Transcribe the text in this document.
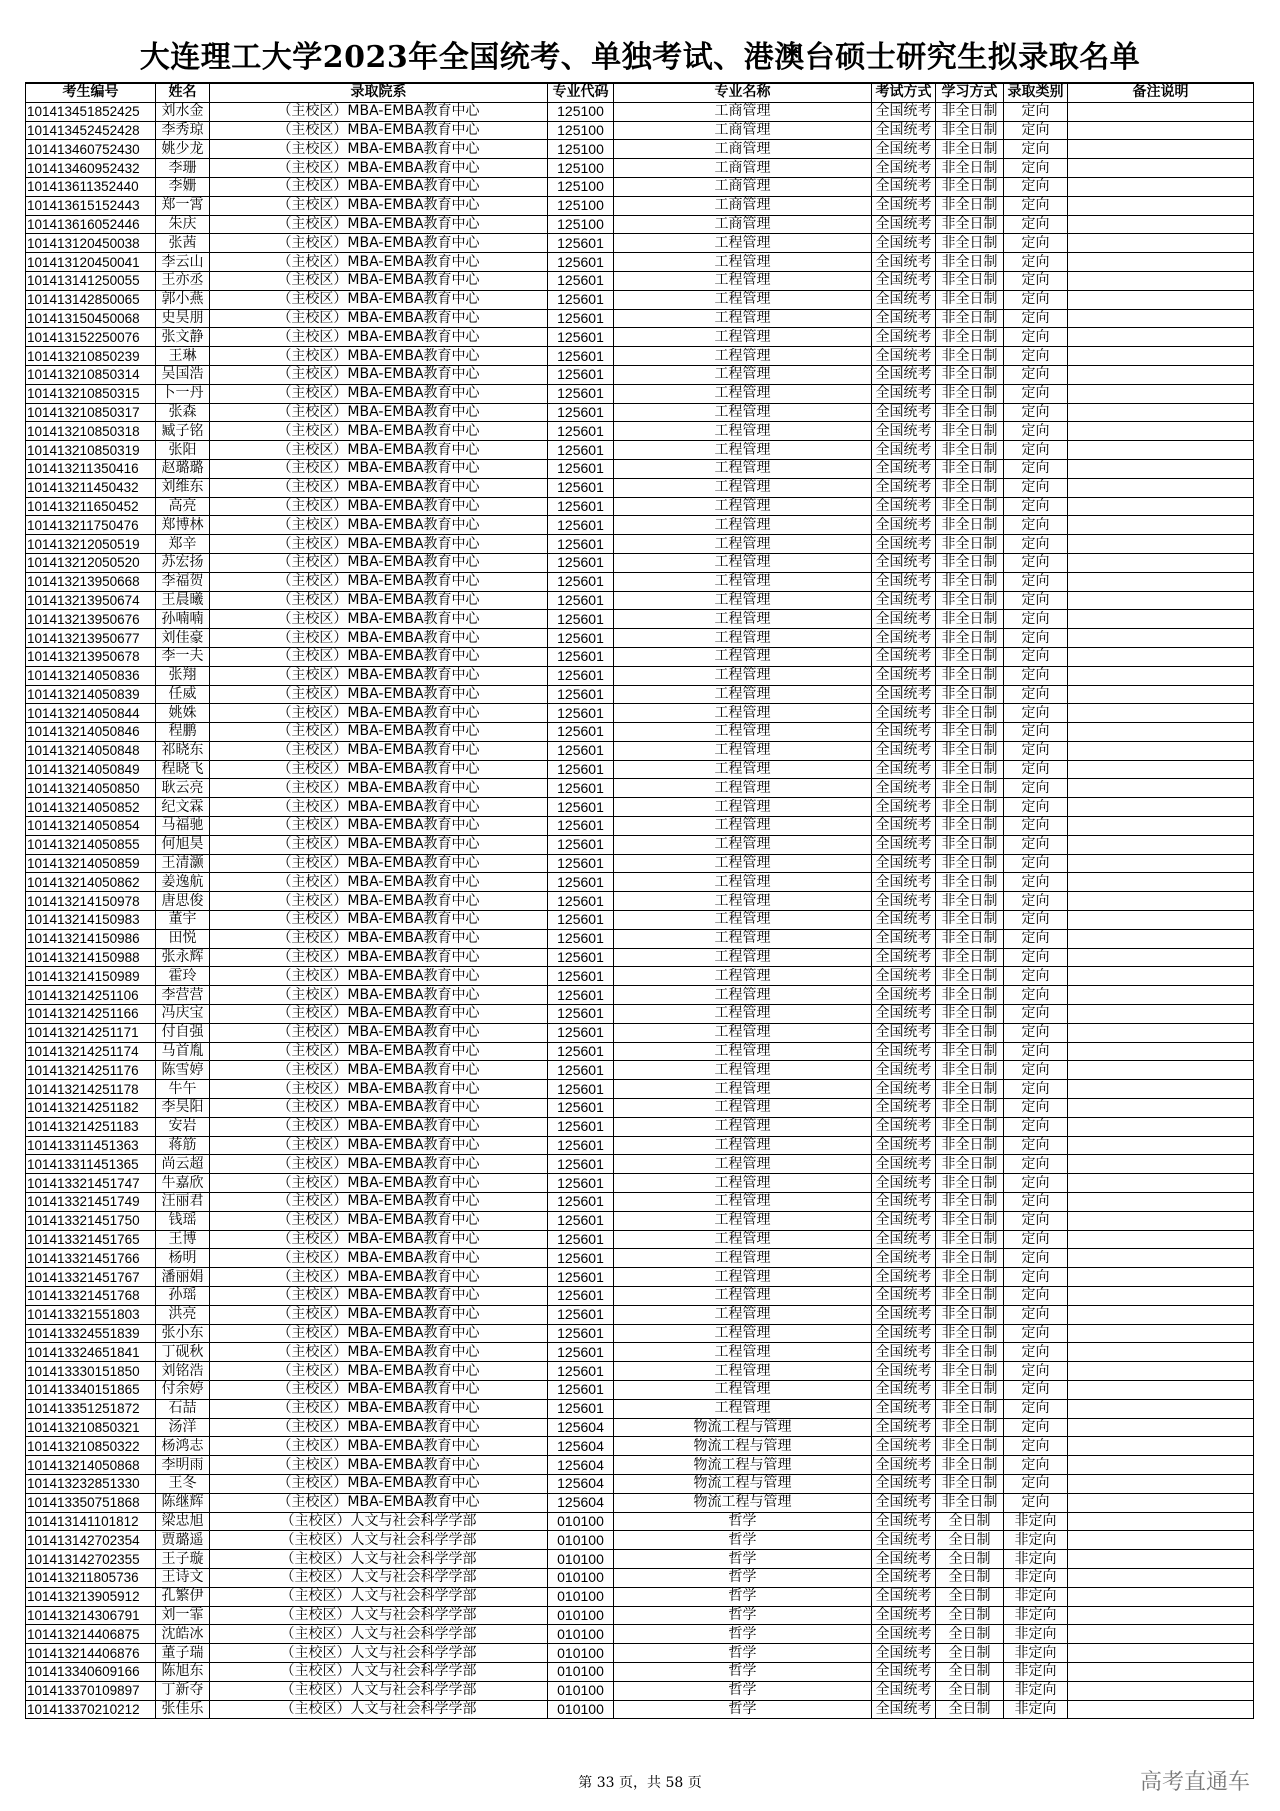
大连理工大学2023年全国统考、单独考试、港澳台硕士研究生拟录取名单
考生编号	姓名	录取院系	专业代码	专业名称	考试方式	学习方式	录取类别	备注说明
101413451852425	刘水金	（主校区）MBA-EMBA教育中心	125100	工商管理	全国统考	非全日制	定向	
101413452452428	李秀琼	（主校区）MBA-EMBA教育中心	125100	工商管理	全国统考	非全日制	定向	
101413460752430	姚少龙	（主校区）MBA-EMBA教育中心	125100	工商管理	全国统考	非全日制	定向	
101413460952432	李珊	（主校区）MBA-EMBA教育中心	125100	工商管理	全国统考	非全日制	定向	
101413611352440	李姗	（主校区）MBA-EMBA教育中心	125100	工商管理	全国统考	非全日制	定向	
101413615152443	郑一霄	（主校区）MBA-EMBA教育中心	125100	工商管理	全国统考	非全日制	定向	
101413616052446	朱庆	（主校区）MBA-EMBA教育中心	125100	工商管理	全国统考	非全日制	定向	
101413120450038	张茜	（主校区）MBA-EMBA教育中心	125601	工程管理	全国统考	非全日制	定向	
101413120450041	李云山	（主校区）MBA-EMBA教育中心	125601	工程管理	全国统考	非全日制	定向	
101413141250055	王亦丞	（主校区）MBA-EMBA教育中心	125601	工程管理	全国统考	非全日制	定向	
101413142850065	郭小燕	（主校区）MBA-EMBA教育中心	125601	工程管理	全国统考	非全日制	定向	
101413150450068	史昊朋	（主校区）MBA-EMBA教育中心	125601	工程管理	全国统考	非全日制	定向	
101413152250076	张文静	（主校区）MBA-EMBA教育中心	125601	工程管理	全国统考	非全日制	定向	
101413210850239	王琳	（主校区）MBA-EMBA教育中心	125601	工程管理	全国统考	非全日制	定向	
101413210850314	吴国浩	（主校区）MBA-EMBA教育中心	125601	工程管理	全国统考	非全日制	定向	
101413210850315	卜一丹	（主校区）MBA-EMBA教育中心	125601	工程管理	全国统考	非全日制	定向	
101413210850317	张森	（主校区）MBA-EMBA教育中心	125601	工程管理	全国统考	非全日制	定向	
101413210850318	臧子铭	（主校区）MBA-EMBA教育中心	125601	工程管理	全国统考	非全日制	定向	
101413210850319	张阳	（主校区）MBA-EMBA教育中心	125601	工程管理	全国统考	非全日制	定向	
101413211350416	赵璐璐	（主校区）MBA-EMBA教育中心	125601	工程管理	全国统考	非全日制	定向	
101413211450432	刘维东	（主校区）MBA-EMBA教育中心	125601	工程管理	全国统考	非全日制	定向	
101413211650452	高亮	（主校区）MBA-EMBA教育中心	125601	工程管理	全国统考	非全日制	定向	
101413211750476	郑博林	（主校区）MBA-EMBA教育中心	125601	工程管理	全国统考	非全日制	定向	
101413212050519	郑辛	（主校区）MBA-EMBA教育中心	125601	工程管理	全国统考	非全日制	定向	
101413212050520	苏宏扬	（主校区）MBA-EMBA教育中心	125601	工程管理	全国统考	非全日制	定向	
101413213950668	李福贺	（主校区）MBA-EMBA教育中心	125601	工程管理	全国统考	非全日制	定向	
101413213950674	王晨曦	（主校区）MBA-EMBA教育中心	125601	工程管理	全国统考	非全日制	定向	
101413213950676	孙喃喃	（主校区）MBA-EMBA教育中心	125601	工程管理	全国统考	非全日制	定向	
101413213950677	刘佳豪	（主校区）MBA-EMBA教育中心	125601	工程管理	全国统考	非全日制	定向	
101413213950678	李一夫	（主校区）MBA-EMBA教育中心	125601	工程管理	全国统考	非全日制	定向	
101413214050836	张翔	（主校区）MBA-EMBA教育中心	125601	工程管理	全国统考	非全日制	定向	
101413214050839	任威	（主校区）MBA-EMBA教育中心	125601	工程管理	全国统考	非全日制	定向	
101413214050844	姚姝	（主校区）MBA-EMBA教育中心	125601	工程管理	全国统考	非全日制	定向	
101413214050846	程鹏	（主校区）MBA-EMBA教育中心	125601	工程管理	全国统考	非全日制	定向	
101413214050848	祁晓东	（主校区）MBA-EMBA教育中心	125601	工程管理	全国统考	非全日制	定向	
101413214050849	程晓飞	（主校区）MBA-EMBA教育中心	125601	工程管理	全国统考	非全日制	定向	
101413214050850	耿云亮	（主校区）MBA-EMBA教育中心	125601	工程管理	全国统考	非全日制	定向	
101413214050852	纪文霖	（主校区）MBA-EMBA教育中心	125601	工程管理	全国统考	非全日制	定向	
101413214050854	马福驰	（主校区）MBA-EMBA教育中心	125601	工程管理	全国统考	非全日制	定向	
101413214050855	何旭昊	（主校区）MBA-EMBA教育中心	125601	工程管理	全国统考	非全日制	定向	
101413214050859	王清灏	（主校区）MBA-EMBA教育中心	125601	工程管理	全国统考	非全日制	定向	
101413214050862	姜逸航	（主校区）MBA-EMBA教育中心	125601	工程管理	全国统考	非全日制	定向	
101413214150978	唐思俊	（主校区）MBA-EMBA教育中心	125601	工程管理	全国统考	非全日制	定向	
101413214150983	董宇	（主校区）MBA-EMBA教育中心	125601	工程管理	全国统考	非全日制	定向	
101413214150986	田悦	（主校区）MBA-EMBA教育中心	125601	工程管理	全国统考	非全日制	定向	
101413214150988	张永辉	（主校区）MBA-EMBA教育中心	125601	工程管理	全国统考	非全日制	定向	
101413214150989	霍玲	（主校区）MBA-EMBA教育中心	125601	工程管理	全国统考	非全日制	定向	
101413214251106	李营营	（主校区）MBA-EMBA教育中心	125601	工程管理	全国统考	非全日制	定向	
101413214251166	冯庆宝	（主校区）MBA-EMBA教育中心	125601	工程管理	全国统考	非全日制	定向	
101413214251171	付自强	（主校区）MBA-EMBA教育中心	125601	工程管理	全国统考	非全日制	定向	
101413214251174	马首胤	（主校区）MBA-EMBA教育中心	125601	工程管理	全国统考	非全日制	定向	
101413214251176	陈雪婷	（主校区）MBA-EMBA教育中心	125601	工程管理	全国统考	非全日制	定向	
101413214251178	牛午	（主校区）MBA-EMBA教育中心	125601	工程管理	全国统考	非全日制	定向	
101413214251182	李昊阳	（主校区）MBA-EMBA教育中心	125601	工程管理	全国统考	非全日制	定向	
101413214251183	安岩	（主校区）MBA-EMBA教育中心	125601	工程管理	全国统考	非全日制	定向	
101413311451363	蒋筋	（主校区）MBA-EMBA教育中心	125601	工程管理	全国统考	非全日制	定向	
101413311451365	尚云超	（主校区）MBA-EMBA教育中心	125601	工程管理	全国统考	非全日制	定向	
101413321451747	牛嘉欣	（主校区）MBA-EMBA教育中心	125601	工程管理	全国统考	非全日制	定向	
101413321451749	汪丽君	（主校区）MBA-EMBA教育中心	125601	工程管理	全国统考	非全日制	定向	
101413321451750	钱瑶	（主校区）MBA-EMBA教育中心	125601	工程管理	全国统考	非全日制	定向	
101413321451765	王博	（主校区）MBA-EMBA教育中心	125601	工程管理	全国统考	非全日制	定向	
101413321451766	杨明	（主校区）MBA-EMBA教育中心	125601	工程管理	全国统考	非全日制	定向	
101413321451767	潘丽娟	（主校区）MBA-EMBA教育中心	125601	工程管理	全国统考	非全日制	定向	
101413321451768	孙瑶	（主校区）MBA-EMBA教育中心	125601	工程管理	全国统考	非全日制	定向	
101413321551803	洪亮	（主校区）MBA-EMBA教育中心	125601	工程管理	全国统考	非全日制	定向	
101413324551839	张小东	（主校区）MBA-EMBA教育中心	125601	工程管理	全国统考	非全日制	定向	
101413324651841	丁砚秋	（主校区）MBA-EMBA教育中心	125601	工程管理	全国统考	非全日制	定向	
101413330151850	刘铭浩	（主校区）MBA-EMBA教育中心	125601	工程管理	全国统考	非全日制	定向	
101413340151865	付余婷	（主校区）MBA-EMBA教育中心	125601	工程管理	全国统考	非全日制	定向	
101413351251872	石喆	（主校区）MBA-EMBA教育中心	125601	工程管理	全国统考	非全日制	定向	
101413210850321	汤洋	（主校区）MBA-EMBA教育中心	125604	物流工程与管理	全国统考	非全日制	定向	
101413210850322	杨鸿志	（主校区）MBA-EMBA教育中心	125604	物流工程与管理	全国统考	非全日制	定向	
101413214050868	李明雨	（主校区）MBA-EMBA教育中心	125604	物流工程与管理	全国统考	非全日制	定向	
101413232851330	王冬	（主校区）MBA-EMBA教育中心	125604	物流工程与管理	全国统考	非全日制	定向	
101413350751868	陈继辉	（主校区）MBA-EMBA教育中心	125604	物流工程与管理	全国统考	非全日制	定向	
101413141101812	梁忠旭	（主校区）人文与社会科学学部	010100	哲学	全国统考	全日制	非定向	
101413142702354	贾璐遥	（主校区）人文与社会科学学部	010100	哲学	全国统考	全日制	非定向	
101413142702355	王子璇	（主校区）人文与社会科学学部	010100	哲学	全国统考	全日制	非定向	
101413211805736	王诗文	（主校区）人文与社会科学学部	010100	哲学	全国统考	全日制	非定向	
101413213905912	孔繁伊	（主校区）人文与社会科学学部	010100	哲学	全国统考	全日制	非定向	
101413214306791	刘一霏	（主校区）人文与社会科学学部	010100	哲学	全国统考	全日制	非定向	
101413214406875	沈皓冰	（主校区）人文与社会科学学部	010100	哲学	全国统考	全日制	非定向	
101413214406876	董子瑞	（主校区）人文与社会科学学部	010100	哲学	全国统考	全日制	非定向	
101413340609166	陈旭东	（主校区）人文与社会科学学部	010100	哲学	全国统考	全日制	非定向	
101413370109897	丁新夺	（主校区）人文与社会科学学部	010100	哲学	全国统考	全日制	非定向	
101413370210212	张佳乐	（主校区）人文与社会科学学部	010100	哲学	全国统考	全日制	非定向	
第 33 页，共 58 页	高考直通车
